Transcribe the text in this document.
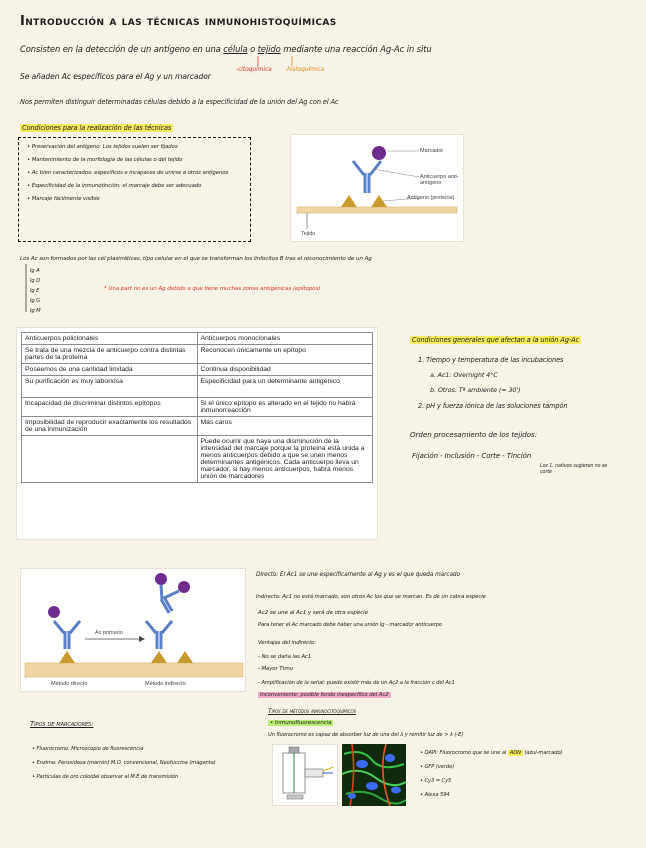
Introducción a las técnicas inmunohistoquímicas
Consisten en la detección de un antígeno en una célula o tejido mediante una reacción Ag-Ac in situ
-citoquímica -histoquímica
Se añaden Ac específicos para el Ag y un marcador
Nos permiten distinguir determinadas células debido a la especificidad de la unión del Ag con el Ac
Condiciones para la realización de las técnicas
• Preservación del antígeno: Los tejidos suelen ser fijados
• Mantenimiento de la morfología de las células o del tejido
• Ac bien caracterizados: específicos e incapaces de unirse a otros antígenos
• Especificidad de la inmunotinción: el marcaje debe ser adecuado
• Marcaje fácilmente visible
Marcador
Anticuerpo anti-antígeno
Antígeno (proteína)
Tejido
Los Ac son formados por las cél plasmáticas, tipo celular en el que se transforman los linfocitos B tras el reconocimiento de un Ag
Ig A
Ig D
Ig E
Ig G
Ig M
* Una part no es un Ag debido a que tiene muchas zonas antigénicas (epítopos)
Anticuerpos policlonales	Anticuerpos monoclonales
Se trata de una mezcla de anticuerpo contra distintas partes de la proteína	Reconocen únicamente un epítopo
Poseemos de una cantidad limitada	Continua disponibilidad
Su purificación es muy laboriosa	Especificidad para un determinante antigénico
Incapacidad de discriminar distintos epítopos	Si el único epítopo es alterado en el tejido no habrá inmunorreacción
Imposibilidad de reproducir exactamente los resultados de una inmunización	Más caros
	Puede ocurrir que haya una disminución de la intensidad del marcaje porque la proteína está unida a menos anticuerpos debido a que se unen menos determinantes antigénicos. Cada anticuerpo lleva un marcador, si hay menos anticuerpos, habrá menos unión de marcadores
Condiciones generales que afectan a la unión Ag-Ac
1. Tiempo y temperatura de las incubaciones
a. Ac1: Overnight 4°C
b. Otros: Tª ambiente (≈ 30')
2. pH y fuerza iónica de las soluciones tampón
Orden procesamiento de los tejidos:
Fijación - Inclusión - Corte - Tinción
Los 1. nativos sugieren no se corte
Ac primario
Método directo	Método indirecto
Directo: El Ac1 se une específicamente al Ag y es el que queda marcado
Indirecto: Ac1 no está marcado, son otros Ac los que se marcan. Es de un cabra especie
Ac2 se une al Ac1 y será de otra especie
Para tener el Ac marcado debe haber una unión Ig - marcador anticuerpo
Ventajas del indirecto:
- No se daña las Ac1
- Mayor Ttmu
- Amplificación de la señal: puede existir más de un Ac2 a la fracción c del Ac1
Inconveniente: posible fondo inespecífico del Ac2
Tipos de marcadores:
• Fluorocromo: Microscopio de fluorescencia
• Enzima: Peroxidasa (marrón) M.O. convencional, Neofuccina (magenta)
• Partículas de oro coloidal observar al M.E de transmisión
Tipos de métodos inmunocitoquímicos
• Inmunofluorescencia
Un fluorocromo es capaz de absorber luz de una del λ y remitir luz de > λ (-E)
• DAPI: Fluorocromo que se une al ADN (azul-marcado)
• GFP (verde)
• Cy3 = Cy5
• Alexa 594
